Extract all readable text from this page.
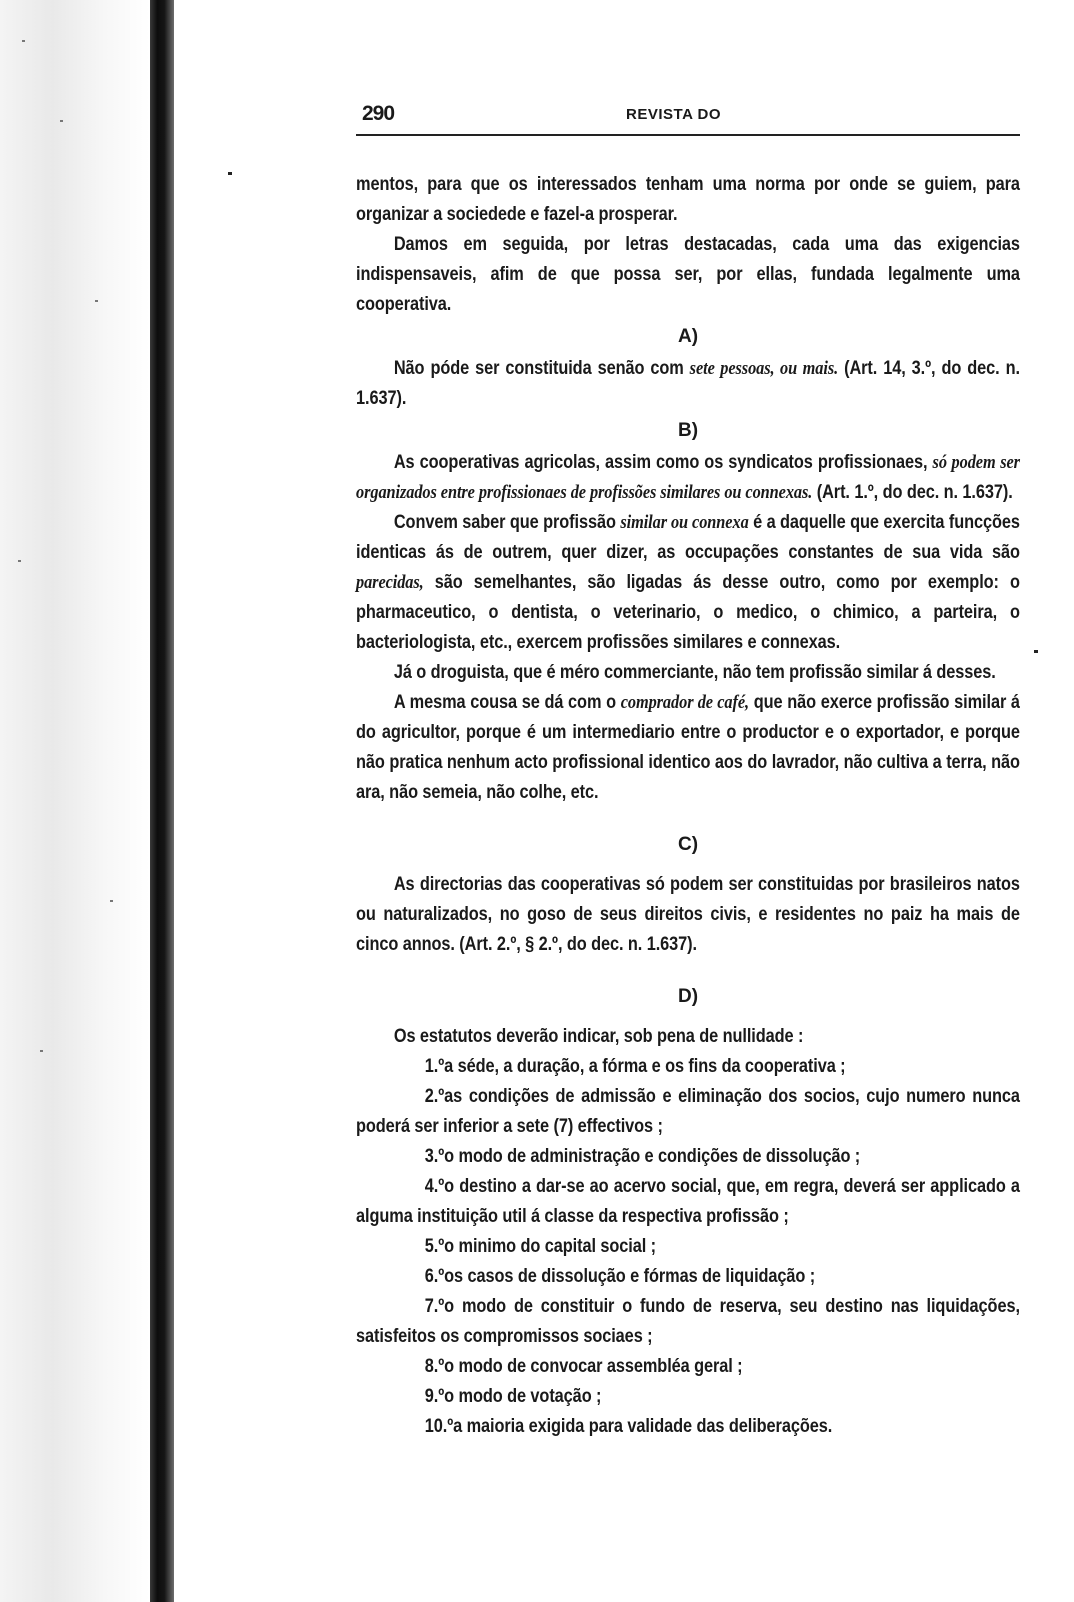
290	REVISTA DO

mentos, para que os interessados tenham uma norma por onde se guiem, para organizar a sociedede e fazel-a prosperar.

Damos em seguida, por letras destacadas, cada uma das exigencias indispensaveis, afim de que possa ser, por ellas, fundada legalmente uma cooperativa.

A)

Não póde ser constituida senão com sete pessoas, ou mais. (Art. 14, 3.º, do dec. n. 1.637).

B)

As cooperativas agricolas, assim como os syndicatos profissionaes, só podem ser organizados entre profissionaes de profissões similares ou connexas. (Art. 1.º, do dec. n. 1.637).

Convem saber que profissão similar ou connexa é a daquelle que exercita funcções identicas ás de outrem, quer dizer, as occupações constantes de sua vida são parecidas, são semelhantes, são ligadas ás desse outro, como por exemplo: o pharmaceutico, o dentista, o veterinario, o medico, o chimico, a parteira, o bacteriologista, etc., exercem profissões similares e connexas.

Já o droguista, que é méro commerciante, não tem profissão similar á desses.

A mesma cousa se dá com o comprador de café, que não exerce profissão similar á do agricultor, porque é um intermediario entre o productor e o exportador, e porque não pratica nenhum acto profissional identico aos do lavrador, não cultiva a terra, não ara, não semeia, não colhe, etc.

C)

As directorias das cooperativas só podem ser constituidas por brasileiros natos ou naturalizados, no goso de seus direitos civis, e residentes no paiz ha mais de cinco annos. (Art. 2.º, § 2.º, do dec. n. 1.637).

D)

Os estatutos deverão indicar, sob pena de nullidade :

1.ºa séde, a duração, a fórma e os fins da cooperativa ;

2.ºas condições de admissão e eliminação dos socios, cujo numero nunca poderá ser inferior a sete (7) effectivos ;

3.ºo modo de administração e condições de dissolução ;

4.ºo destino a dar-se ao acervo social, que, em regra, deverá ser applicado a alguma instituição util á classe da respectiva profissão ;

5.ºo minimo do capital social ;

6.ºos casos de dissolução e fórmas de liquidação ;

7.ºo modo de constituir o fundo de reserva, seu destino nas liquidações, satisfeitos os compromissos sociaes ;

8.ºo modo de convocar assembléa geral ;

9.ºo modo de votação ;

10.ºa maioria exigida para validade das deliberações.
